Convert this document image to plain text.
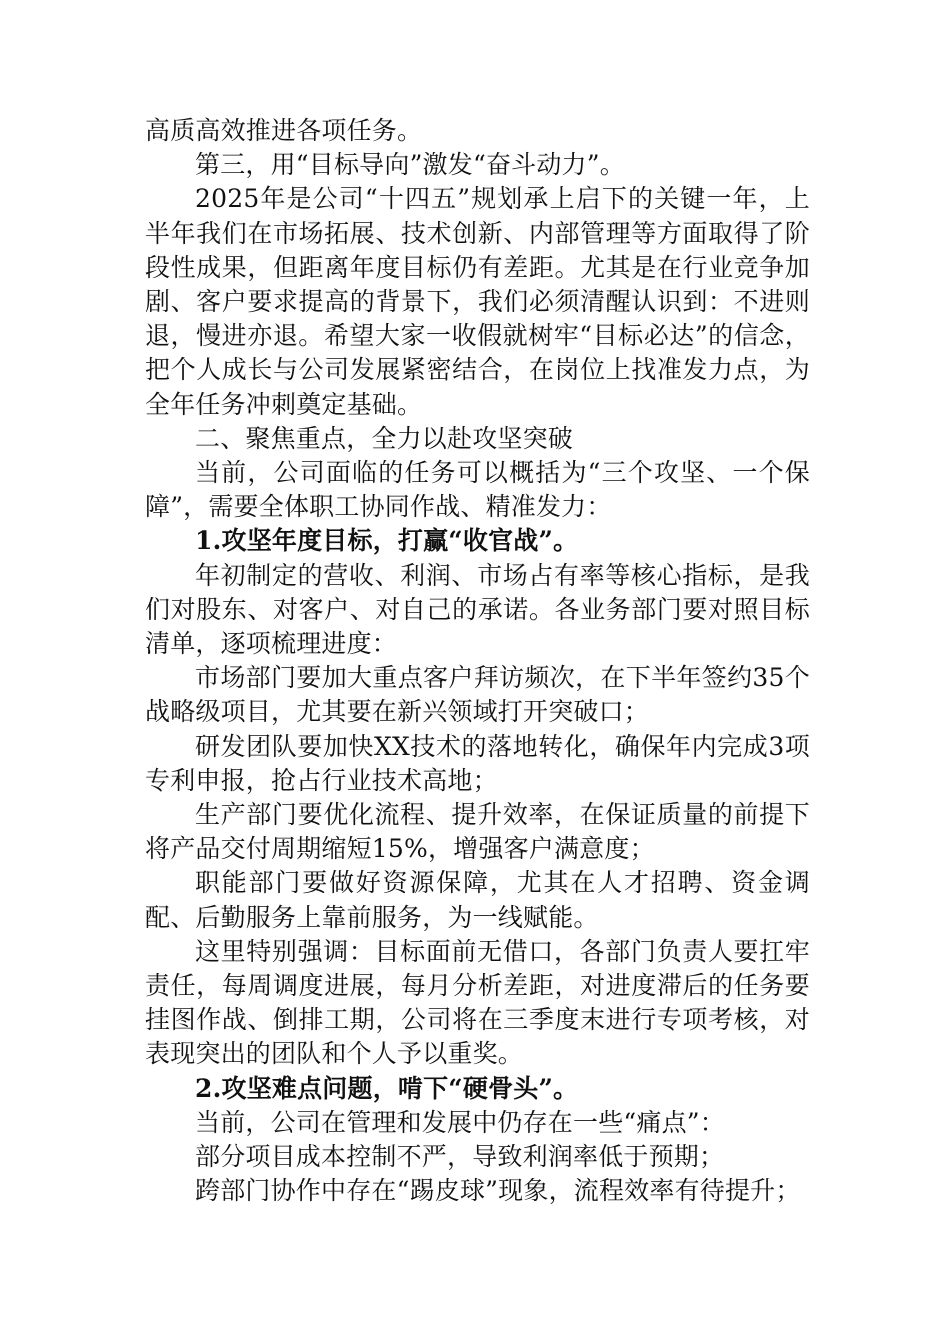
高质高效推进各项任务。

第三，用“目标导向”激发“奋斗动力”。

2025年是公司“十四五”规划承上启下的关键一年，上半年我们在市场拓展、技术创新、内部管理等方面取得了阶段性成果，但距离年度目标仍有差距。尤其是在行业竞争加剧、客户要求提高的背景下，我们必须清醒认识到：不进则退，慢进亦退。希望大家一收假就树牢“目标必达”的信念，把个人成长与公司发展紧密结合，在岗位上找准发力点，为全年任务冲刺奠定基础。

二、聚焦重点，全力以赴攻坚突破

当前，公司面临的任务可以概括为“三个攻坚、一个保障”，需要全体职工协同作战、精准发力：

1.攻坚年度目标，打赢“收官战”。

年初制定的营收、利润、市场占有率等核心指标，是我们对股东、对客户、对自己的承诺。各业务部门要对照目标清单，逐项梳理进度：

市场部门要加大重点客户拜访频次，在下半年签约35个战略级项目，尤其要在新兴领域打开突破口；

研发团队要加快XX技术的落地转化，确保年内完成3项专利申报，抢占行业技术高地；

生产部门要优化流程、提升效率，在保证质量的前提下将产品交付周期缩短15%，增强客户满意度；

职能部门要做好资源保障，尤其在人才招聘、资金调配、后勤服务上靠前服务，为一线赋能。

这里特别强调：目标面前无借口，各部门负责人要扛牢责任，每周调度进展，每月分析差距，对进度滞后的任务要挂图作战、倒排工期，公司将在三季度末进行专项考核，对表现突出的团队和个人予以重奖。

2.攻坚难点问题，啃下“硬骨头”。

当前，公司在管理和发展中仍存在一些“痛点”：

部分项目成本控制不严，导致利润率低于预期；

跨部门协作中存在“踢皮球”现象，流程效率有待提升；
